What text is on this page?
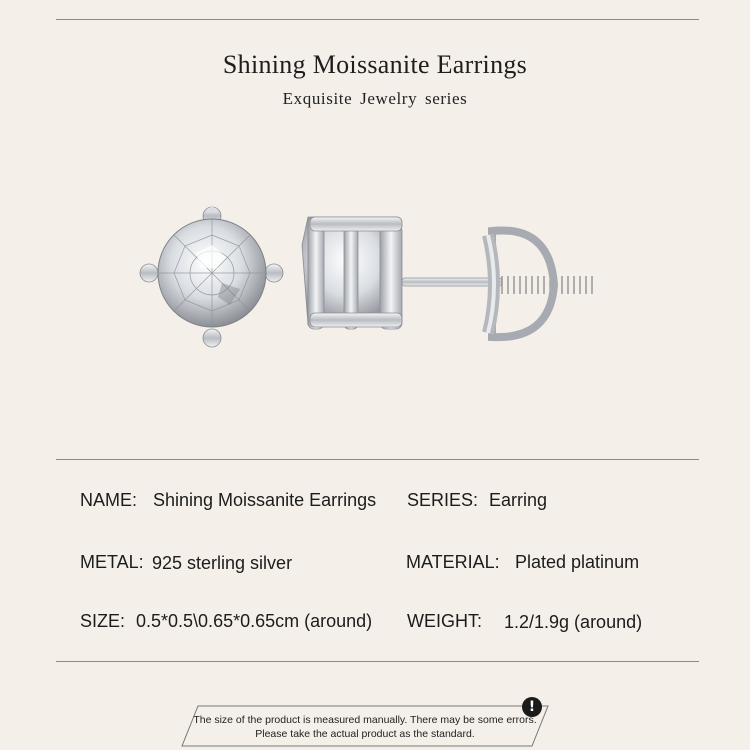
Shining Moissanite Earrings
Exquisite Jewelry series
NAME: Shining Moissanite Earrings SERIES: Earring
METAL: 925 sterling silver	MATERIAL: Plated platinum
SIZE: 0.5*0.5\0.65*0.65cm (around) WEIGHT: 1.2/1.9g (around)
!
The size of the product is measured manually. There may be some errors.
Please take the actual product as the standard.
